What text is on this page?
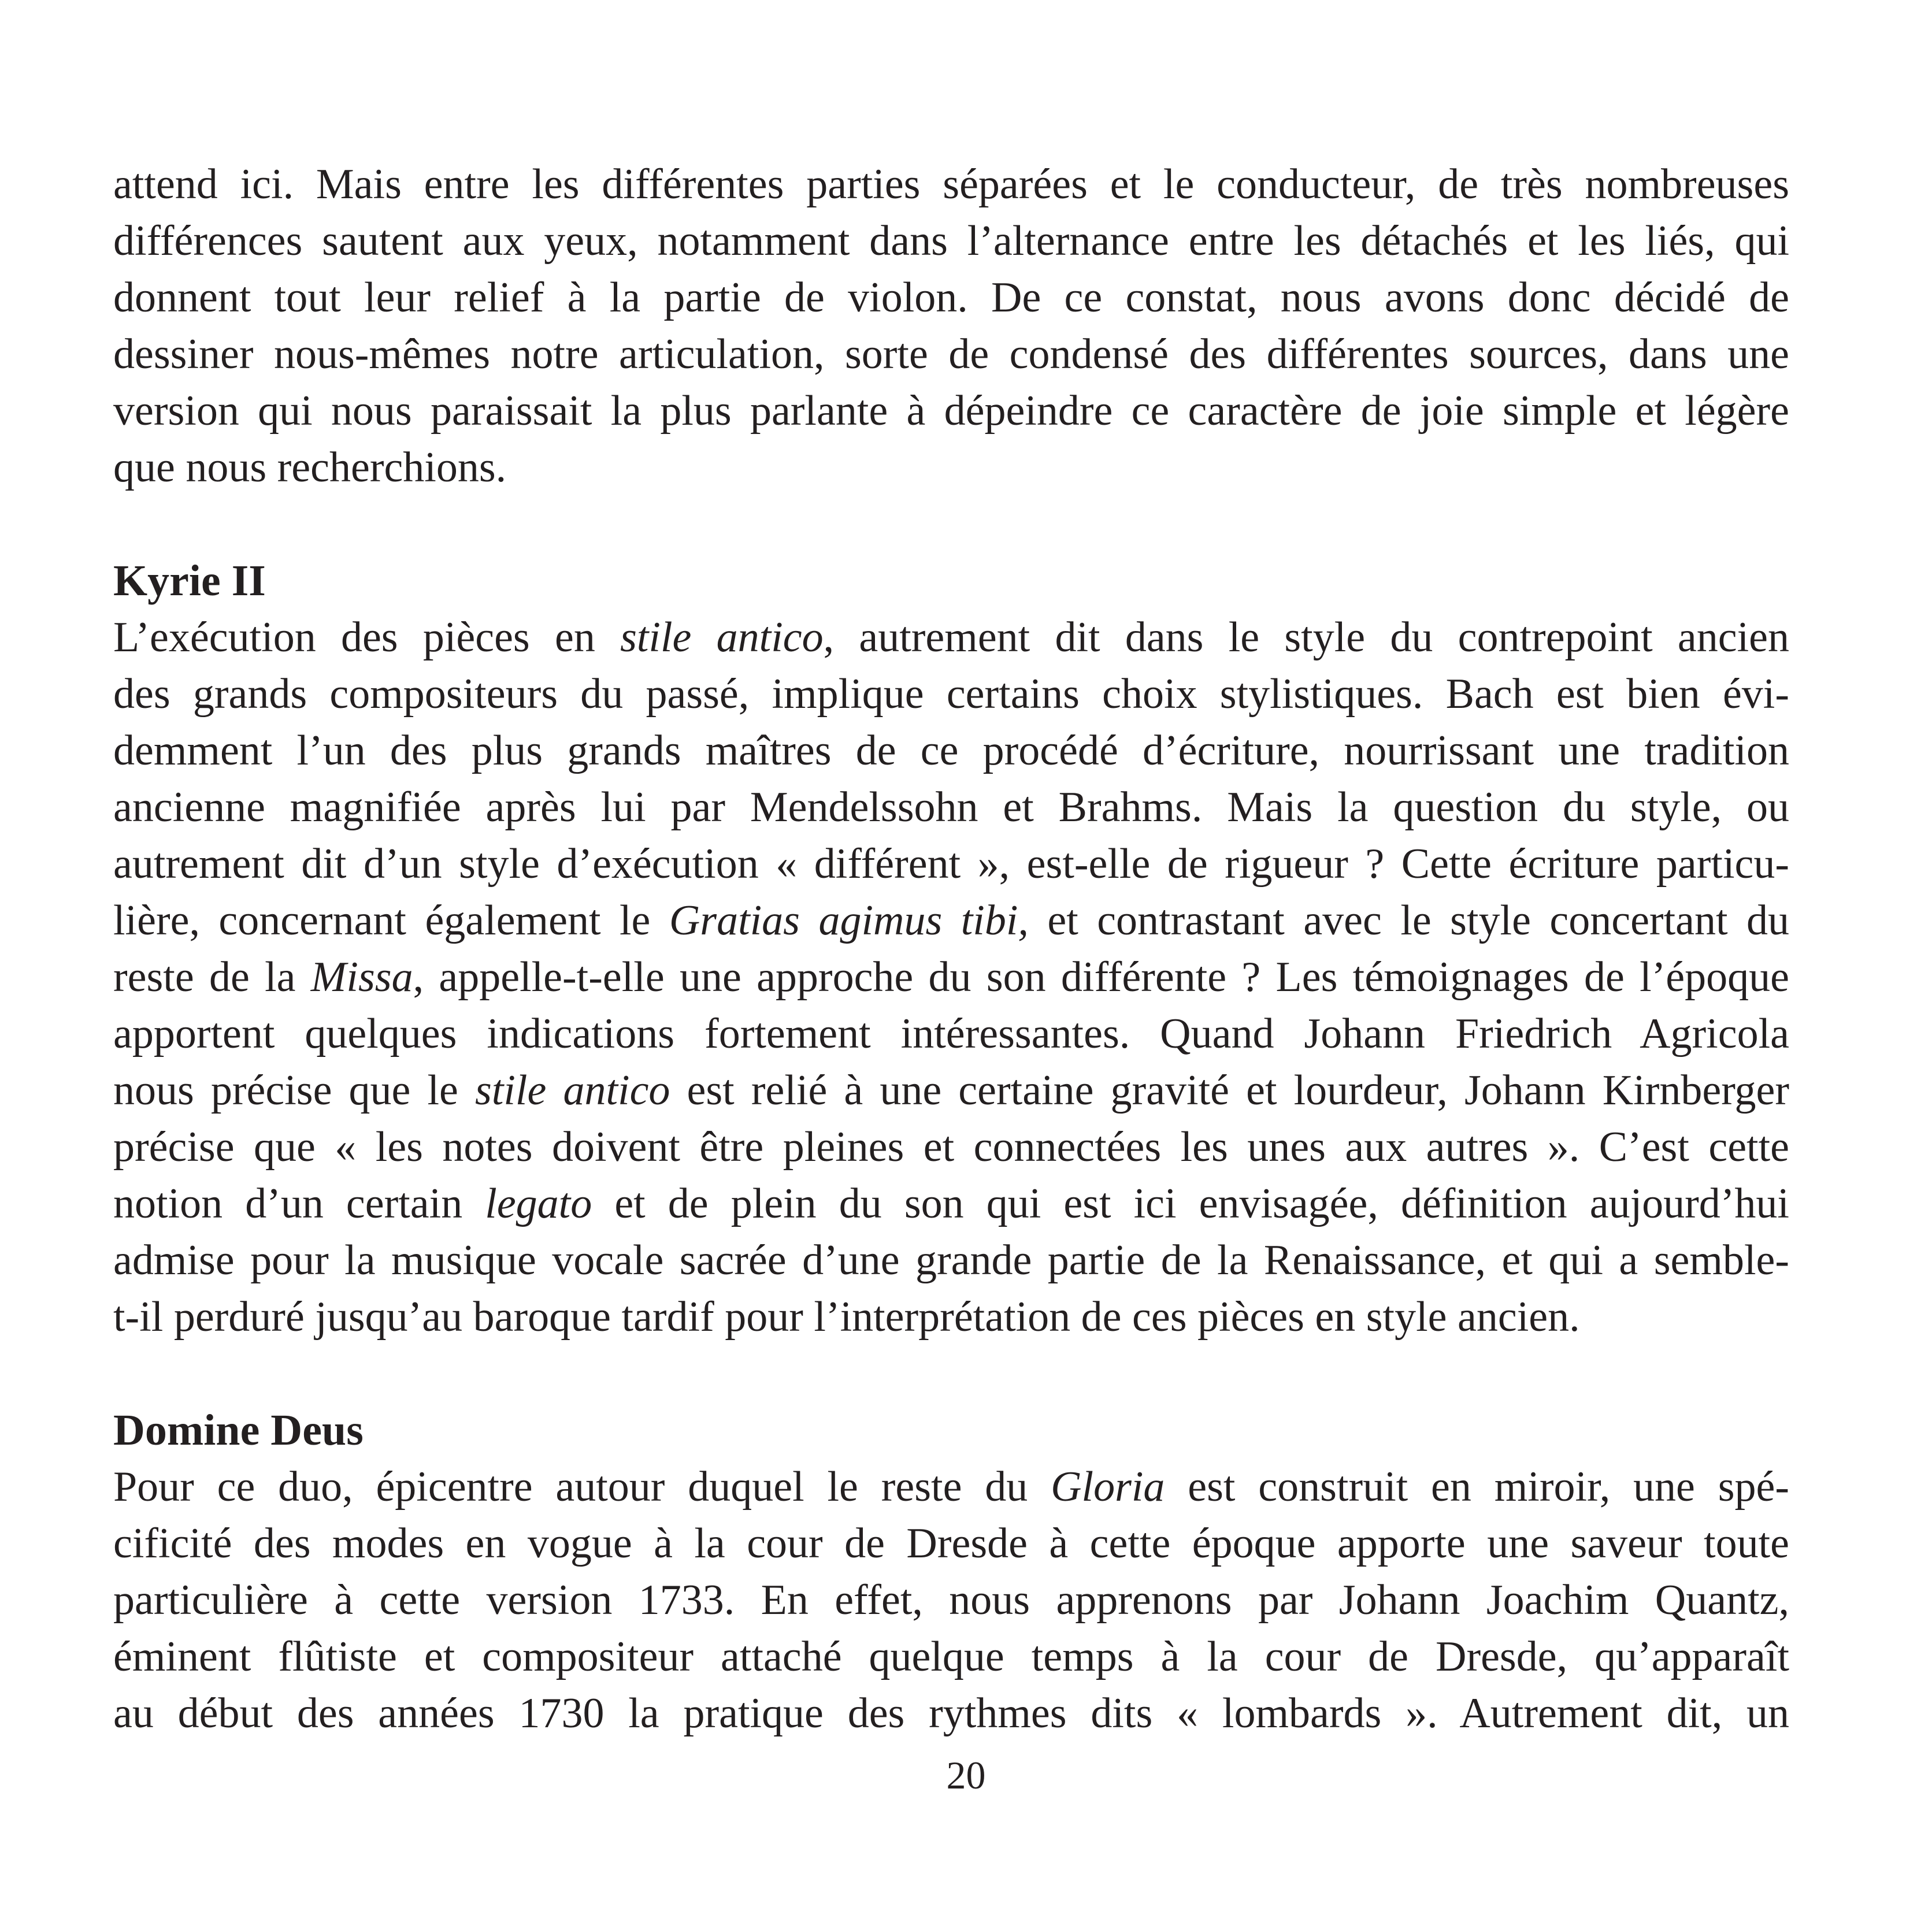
attend ici. Mais entre les différentes parties séparées et le conducteur, de très nombreuses
différences sautent aux yeux, notamment dans l’alternance entre les détachés et les liés, qui
donnent tout leur relief à la partie de violon. De ce constat, nous avons donc décidé de
dessiner nous-mêmes notre articulation, sorte de condensé des différentes sources, dans une
version qui nous paraissait la plus parlante à dépeindre ce caractère de joie simple et légère
que nous recherchions.

Kyrie II

L’exécution des pièces en stile antico, autrement dit dans le style du contrepoint ancien
des grands compositeurs du passé, implique certains choix stylistiques. Bach est bien évi-
demment l’un des plus grands maîtres de ce procédé d’écriture, nourrissant une tradition
ancienne magnifiée après lui par Mendelssohn et Brahms. Mais la question du style, ou
autrement dit d’un style d’exécution « différent », est-elle de rigueur ? Cette écriture particu-
lière, concernant également le Gratias agimus tibi, et contrastant avec le style concertant du
reste de la Missa, appelle-t-elle une approche du son différente ? Les témoignages de l’époque
apportent quelques indications fortement intéressantes. Quand Johann Friedrich Agricola
nous précise que le stile antico est relié à une certaine gravité et lourdeur, Johann Kirnberger
précise que « les notes doivent être pleines et connectées les unes aux autres ». C’est cette
notion d’un certain legato et de plein du son qui est ici envisagée, définition aujourd’hui
admise pour la musique vocale sacrée d’une grande partie de la Renaissance, et qui a semble-
t-il perduré jusqu’au baroque tardif pour l’interprétation de ces pièces en style ancien.

Domine Deus

Pour ce duo, épicentre autour duquel le reste du Gloria est construit en miroir, une spé-
cificité des modes en vogue à la cour de Dresde à cette époque apporte une saveur toute
particulière à cette version 1733. En effet, nous apprenons par Johann Joachim Quantz,
éminent flûtiste et compositeur attaché quelque temps à la cour de Dresde, qu’apparaît
au début des années 1730 la pratique des rythmes dits « lombards ». Autrement dit, un

20
